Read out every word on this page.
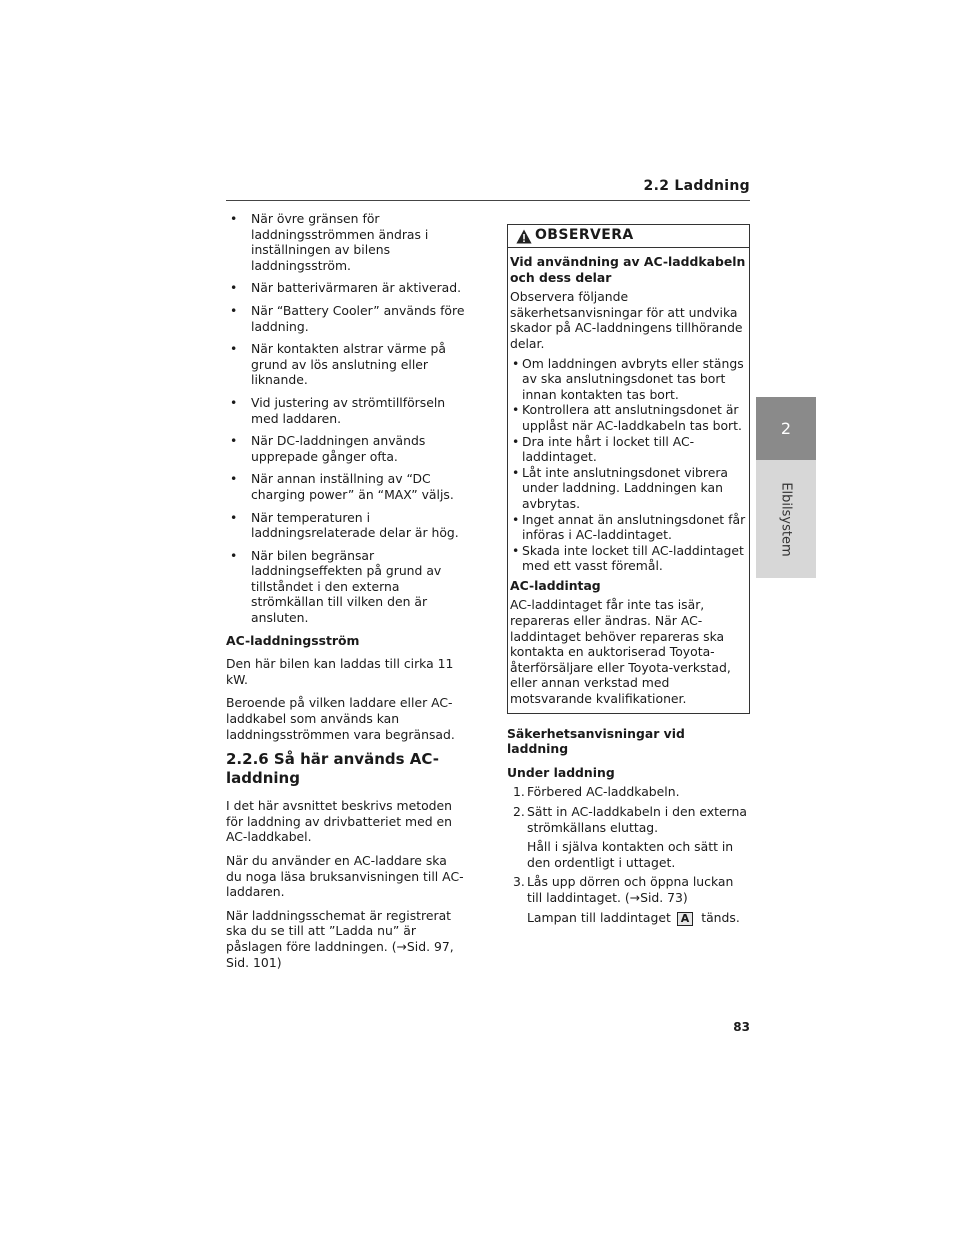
2.2 Laddning
2
Elbilsystem
• När övre gränsen för laddningsströmmen ändras i inställningen av bilens laddningsström.
• När batterivärmaren är aktiverad.
• När “Battery Cooler” används före laddning.
• När kontakten alstrar värme på grund av lös anslutning eller liknande.
• Vid justering av strömtillförseln med laddaren.
• När DC-laddningen används upprepade gånger ofta.
• När annan inställning av “DC charging power” än “MAX” väljs.
• När temperaturen i laddningsrelaterade delar är hög.
• När bilen begränsar laddningseffekten på grund av tillståndet i den externa strömkällan till vilken den är ansluten.
AC-laddningsström

Den här bilen kan laddas till cirka 11 kW.

Beroende på vilken laddare eller AC-laddkabel som används kan laddningsströmmen vara begränsad.

2.2.6 Så här används AC-laddning

I det här avsnittet beskrivs metoden för laddning av drivbatteriet med en AC-laddkabel.

När du använder en AC-laddare ska du noga läsa bruksanvisningen till AC-laddaren.

När laddningsschemat är registrerat ska du se till att ”Ladda nu” är påslagen före laddningen. (→Sid. 97, Sid. 101)

OBSERVERA
Vid användning av AC-laddkabeln och dess delar

Observera följande säkerhetsanvisningar för att undvika skador på AC-laddningens tillhörande delar.

• Om laddningen avbryts eller stängs av ska anslutningsdonet tas bort innan kontakten tas bort.
• Kontrollera att anslutningsdonet är upplåst när AC-laddkabeln tas bort.
• Dra inte hårt i locket till AC-laddintaget.
• Låt inte anslutningsdonet vibrera under laddning. Laddningen kan avbrytas.
• Inget annat än anslutningsdonet får införas i AC-laddintaget.
• Skada inte locket till AC-laddintaget med ett vasst föremål.
AC-laddintag

AC-laddintaget får inte tas isär, repareras eller ändras. När AC-laddintaget behöver repareras ska kontakta en auktoriserad Toyota-återförsäljare eller Toyota-verkstad, eller annan verkstad med motsvarande kvalifikationer.

Säkerhetsanvisningar vid laddning
Under laddning
1. Förbered AC-laddkabeln.
2. Sätt in AC-laddkabeln i den externa strömkällans eluttag.
Håll i själva kontakten och sätt in den ordentligt i uttaget.
3. Lås upp dörren och öppna luckan till laddintaget. (→Sid. 73)
Lampan till laddintaget A tänds.
83
